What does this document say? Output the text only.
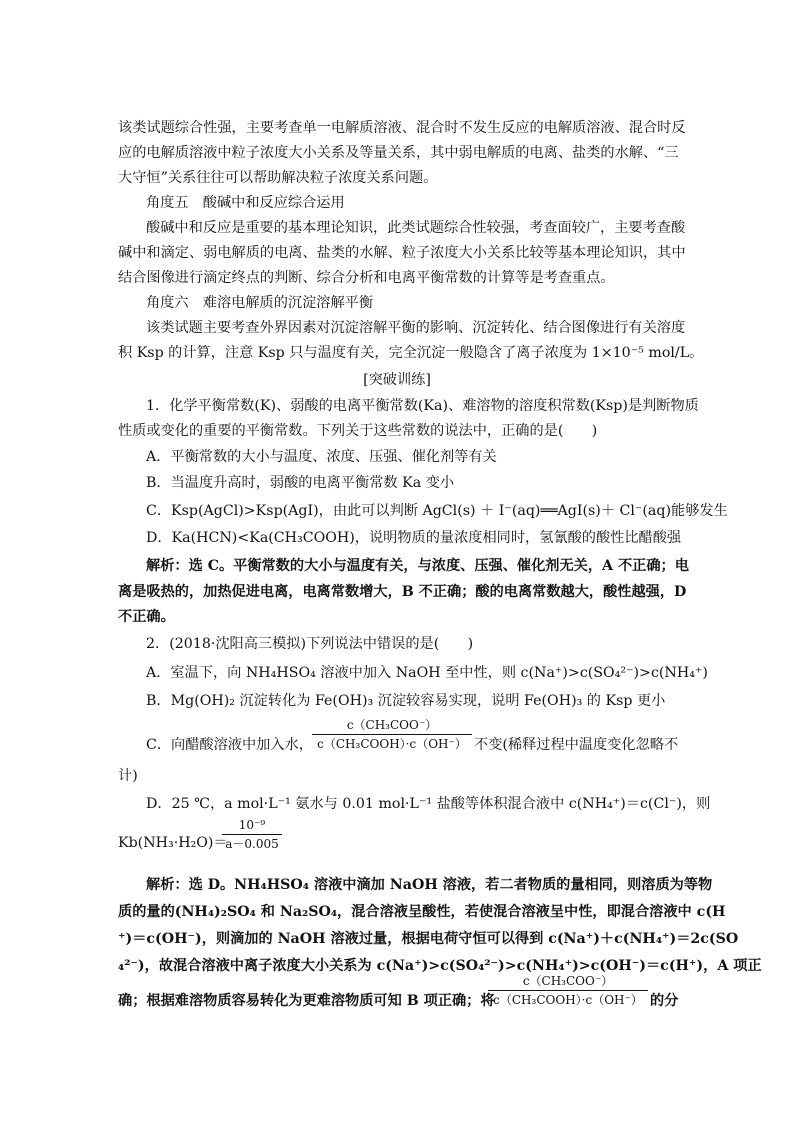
该类试题综合性强，主要考查单一电解质溶液、混合时不发生反应的电解质溶液、混合时反
应的电解质溶液中粒子浓度大小关系及等量关系，其中弱电解质的电离、盐类的水解、“三
大守恒”关系往往可以帮助解决粒子浓度关系问题。
角度五　酸碱中和反应综合运用
酸碱中和反应是重要的基本理论知识，此类试题综合性较强，考查面较广，主要考查酸
碱中和滴定、弱电解质的电离、盐类的水解、粒子浓度大小关系比较等基本理论知识，其中
结合图像进行滴定终点的判断、综合分析和电离平衡常数的计算等是考查重点。
角度六　难溶电解质的沉淀溶解平衡
该类试题主要考查外界因素对沉淀溶解平衡的影响、沉淀转化、结合图像进行有关溶度
积 Ksp 的计算，注意 Ksp 只与温度有关，完全沉淀一般隐含了离子浓度为 1×10⁻⁵ mol/L。
[突破训练]
1．化学平衡常数(K)、弱酸的电离平衡常数(Ka)、难溶物的溶度积常数(Ksp)是判断物质
性质或变化的重要的平衡常数。下列关于这些常数的说法中，正确的是(　　)
A．平衡常数的大小与温度、浓度、压强、催化剂等有关
B．当温度升高时，弱酸的电离平衡常数 Ka 变小
C．Ksp(AgCl)>Ksp(AgI)，由此可以判断 AgCl(s) ＋ I⁻(aq)══AgI(s)＋ Cl⁻(aq)能够发生
D．Ka(HCN)<Ka(CH₃COOH)，说明物质的量浓度相同时，氢氰酸的酸性比醋酸强
解析：选 C。平衡常数的大小与温度有关，与浓度、压强、催化剂无关，A 不正确；电
离是吸热的，加热促进电离，电离常数增大，B 不正确；酸的电离常数越大，酸性越强，D
不正确。
2．(2018·沈阳高三模拟)下列说法中错误的是(　　)
A．室温下，向 NH₄HSO₄ 溶液中加入 NaOH 至中性，则 c(Na⁺)>c(SO₄²⁻)>c(NH₄⁺)
B．Mg(OH)₂ 沉淀转化为 Fe(OH)₃ 沉淀较容易实现，说明 Fe(OH)₃ 的 Ksp 更小
C．向醋酸溶液中加入水，
c（CH₃COO⁻）
c（CH₃COOH）·c（OH⁻） 不变(稀释过程中温度变化忽略不
计)
D．25 ℃，a mol·L⁻¹ 氨水与 0.01 mol·L⁻¹ 盐酸等体积混合液中 c(NH₄⁺)＝c(Cl⁻)，则
Kb(NH₃·H₂O)＝
10⁻⁹
a－0.005
解析：选 D。NH₄HSO₄ 溶液中滴加 NaOH 溶液，若二者物质的量相同，则溶质为等物
质的量的(NH₄)₂SO₄ 和 Na₂SO₄，混合溶液呈酸性，若使混合溶液呈中性，即混合溶液中 c(H
⁺)＝c(OH⁻)，则滴加的 NaOH 溶液过量，根据电荷守恒可以得到 c(Na⁺)＋c(NH₄⁺)＝2c(SO
₄²⁻)，故混合溶液中离子浓度大小关系为 c(Na⁺)>c(SO₄²⁻)>c(NH₄⁺)>c(OH⁻)＝c(H⁺)，A 项正
确；根据难溶物质容易转化为更难溶物质可知 B 项正确；将
c（CH₃COO⁻）
c（CH₃COOH）·c（OH⁻） 的分
